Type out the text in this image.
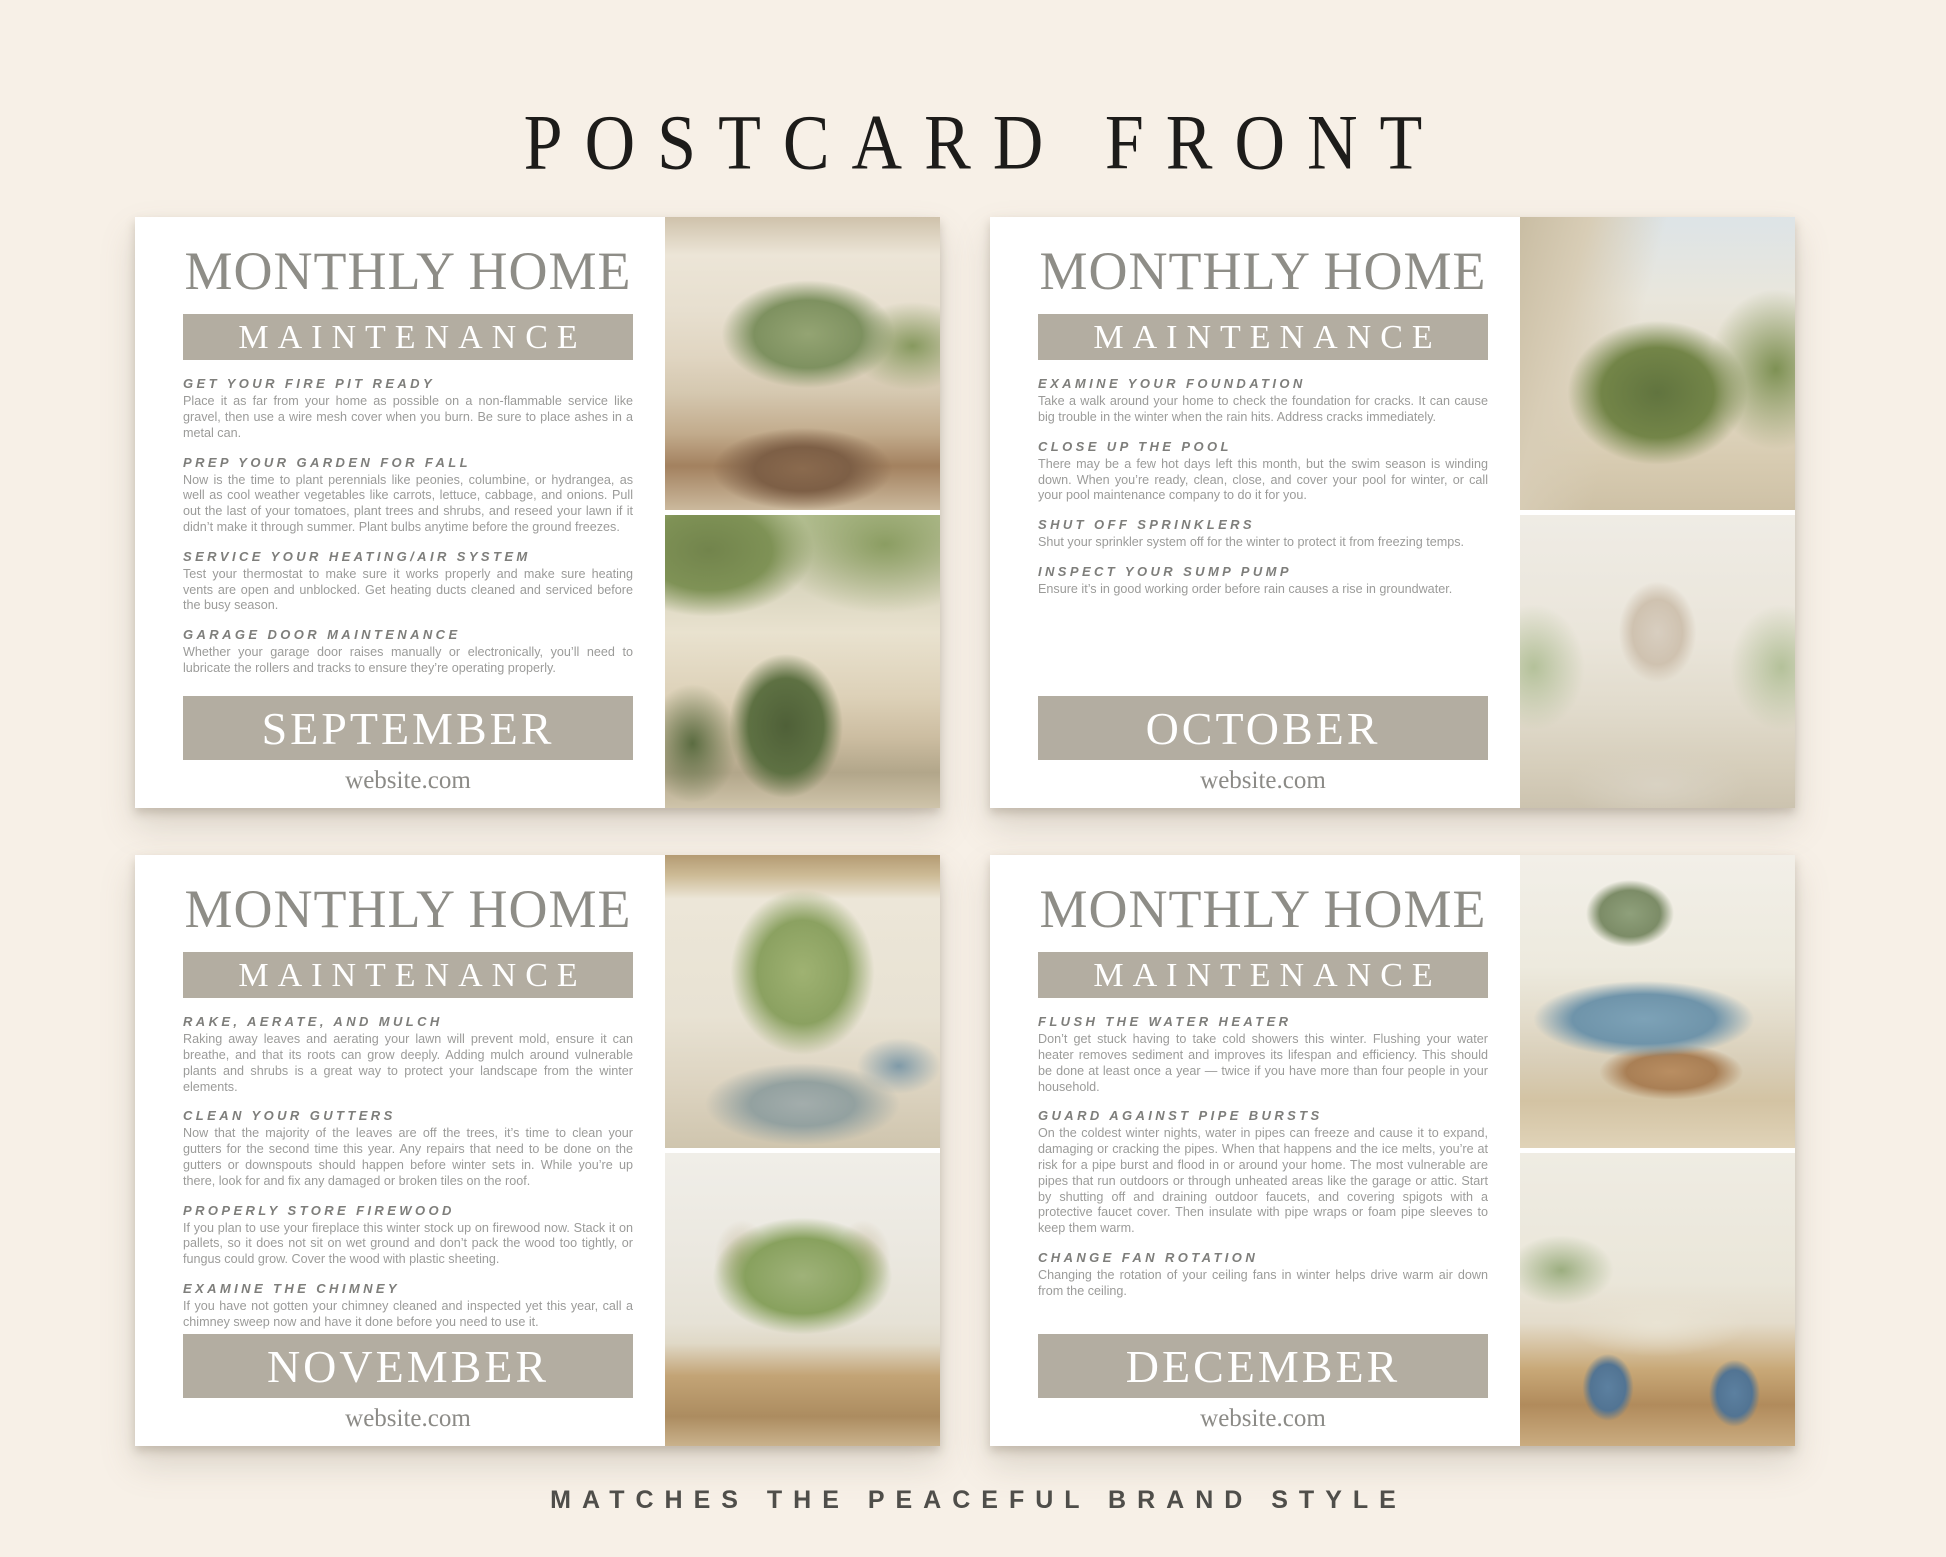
POSTCARD FRONT
MONTHLY HOME
MAINTENANCE
GET YOUR FIRE PIT READY

Place it as far from your home as possible on a non-flammable service like gravel, then use a wire mesh cover when you burn. Be sure to place ashes in a metal can.

PREP YOUR GARDEN FOR FALL

Now is the time to plant perennials like peonies, columbine, or hydrangea, as well as cool weather vegetables like carrots, lettuce, cabbage, and onions. Pull out the last of your tomatoes, plant trees and shrubs, and reseed your lawn if it didn’t make it through summer. Plant bulbs anytime before the ground freezes.

SERVICE YOUR HEATING/AIR SYSTEM

Test your thermostat to make sure it works properly and make sure heating vents are open and unblocked. Get heating ducts cleaned and serviced before the busy season.

GARAGE DOOR MAINTENANCE

Whether your garage door raises manually or electronically, you’ll need to lubricate the rollers and tracks to ensure they’re operating properly.

SEPTEMBER
website.com
MONTHLY HOME
MAINTENANCE
EXAMINE YOUR FOUNDATION

Take a walk around your home to check the foundation for cracks. It can cause big trouble in the winter when the rain hits. Address cracks immediately.

CLOSE UP THE POOL

There may be a few hot days left this month, but the swim season is winding down. When you’re ready, clean, close, and cover your pool for winter, or call your pool maintenance company to do it for you.

SHUT OFF SPRINKLERS

Shut your sprinkler system off for the winter to protect it from freezing temps.

INSPECT YOUR SUMP PUMP

Ensure it’s in good working order before rain causes a rise in groundwater.

OCTOBER
website.com
MONTHLY HOME
MAINTENANCE
RAKE, AERATE, AND MULCH

Raking away leaves and aerating your lawn will prevent mold, ensure it can breathe, and that its roots can grow deeply. Adding mulch around vulnerable plants and shrubs is a great way to protect your landscape from the winter elements.

CLEAN YOUR GUTTERS

Now that the majority of the leaves are off the trees, it’s time to clean your gutters for the second time this year. Any repairs that need to be done on the gutters or downspouts should happen before winter sets in. While you’re up there, look for and fix any damaged or broken tiles on the roof.

PROPERLY STORE FIREWOOD

If you plan to use your fireplace this winter stock up on firewood now. Stack it on pallets, so it does not sit on wet ground and don’t pack the wood too tightly, or fungus could grow. Cover the wood with plastic sheeting.

EXAMINE THE CHIMNEY

If you have not gotten your chimney cleaned and inspected yet this year, call a chimney sweep now and have it done before you need to use it.

NOVEMBER
website.com
MONTHLY HOME
MAINTENANCE
FLUSH THE WATER HEATER

Don’t get stuck having to take cold showers this winter. Flushing your water heater removes sediment and improves its lifespan and efficiency. This should be done at least once a year — twice if you have more than four people in your household.

GUARD AGAINST PIPE BURSTS

On the coldest winter nights, water in pipes can freeze and cause it to expand, damaging or cracking the pipes. When that happens and the ice melts, you’re at risk for a pipe burst and flood in or around your home. The most vulnerable are pipes that run outdoors or through unheated areas like the garage or attic. Start by shutting off and draining outdoor faucets, and covering spigots with a protective faucet cover. Then insulate with pipe wraps or foam pipe sleeves to keep them warm.

CHANGE FAN ROTATION

Changing the rotation of your ceiling fans in winter helps drive warm air down from the ceiling.

DECEMBER
website.com
MATCHES THE PEACEFUL BRAND STYLE
